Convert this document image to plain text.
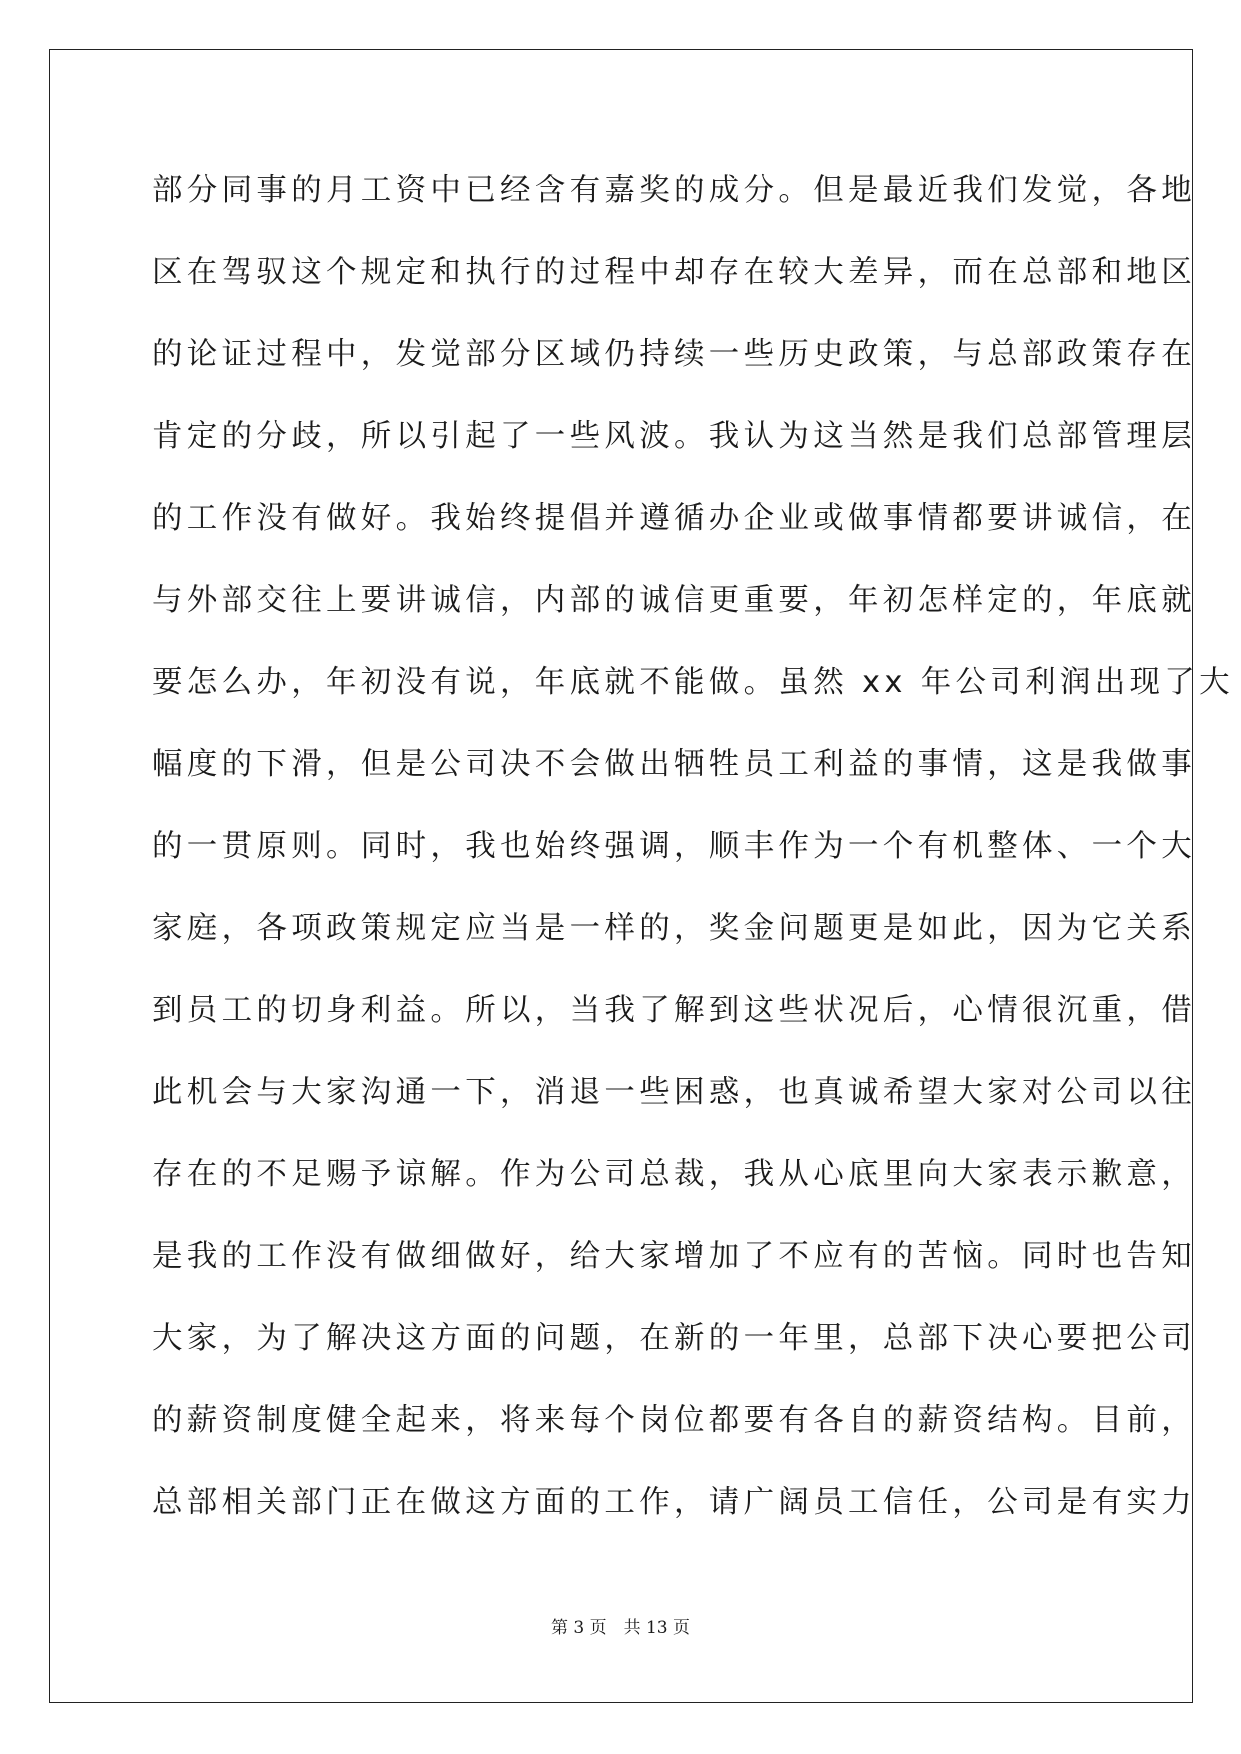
部分同事的月工资中已经含有嘉奖的成分。但是最近我们发觉，各地
区在驾驭这个规定和执行的过程中却存在较大差异，而在总部和地区
的论证过程中，发觉部分区域仍持续一些历史政策，与总部政策存在
肯定的分歧，所以引起了一些风波。我认为这当然是我们总部管理层
的工作没有做好。我始终提倡并遵循办企业或做事情都要讲诚信，在
与外部交往上要讲诚信，内部的诚信更重要，年初怎样定的，年底就
要怎么办，年初没有说，年底就不能做。虽然 xx 年公司利润出现了大
幅度的下滑，但是公司决不会做出牺牲员工利益的事情，这是我做事
的一贯原则。同时，我也始终强调，顺丰作为一个有机整体、一个大
家庭，各项政策规定应当是一样的，奖金问题更是如此，因为它关系
到员工的切身利益。所以，当我了解到这些状况后，心情很沉重，借
此机会与大家沟通一下，消退一些困惑，也真诚希望大家对公司以往
存在的不足赐予谅解。作为公司总裁，我从心底里向大家表示歉意，
是我的工作没有做细做好，给大家增加了不应有的苦恼。同时也告知
大家，为了解决这方面的问题，在新的一年里，总部下决心要把公司
的薪资制度健全起来，将来每个岗位都要有各自的薪资结构。目前，
总部相关部门正在做这方面的工作，请广阔员工信任，公司是有实力
第 3 页　共 13 页
